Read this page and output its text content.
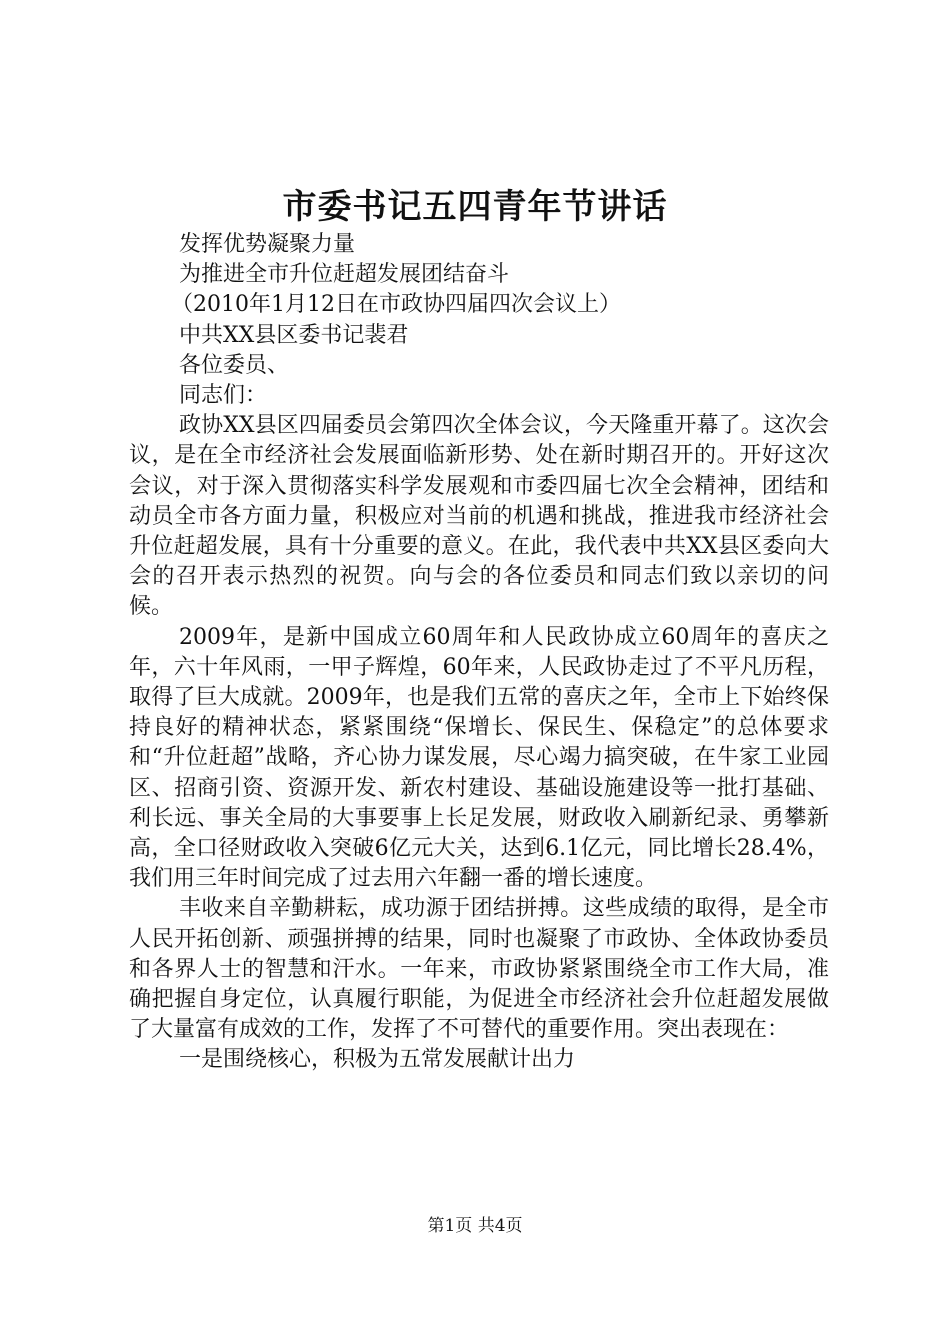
市委书记五四青年节讲话
发挥优势凝聚力量
为推进全市升位赶超发展团结奋斗
（2010年1月12日在市政协四届四次会议上）
中共XX县区委书记裴君
各位委员、
同志们：

政协XX县区四届委员会第四次全体会议，今天隆重开幕了。这次会议，是在全市经济社会发展面临新形势、处在新时期召开的。开好这次会议，对于深入贯彻落实科学发展观和市委四届七次全会精神，团结和动员全市各方面力量，积极应对当前的机遇和挑战，推进我市经济社会升位赶超发展，具有十分重要的意义。在此，我代表中共XX县区委向大会的召开表示热烈的祝贺。向与会的各位委员和同志们致以亲切的问候。

2009年，是新中国成立60周年和人民政协成立60周年的喜庆之年，六十年风雨，一甲子辉煌，60年来，人民政协走过了不平凡历程，取得了巨大成就。2009年，也是我们五常的喜庆之年，全市上下始终保持良好的精神状态，紧紧围绕“保增长、保民生、保稳定”的总体要求和“升位赶超”战略，齐心协力谋发展，尽心竭力搞突破，在牛家工业园区、招商引资、资源开发、新农村建设、基础设施建设等一批打基础、利长远、事关全局的大事要事上长足发展，财政收入刷新纪录、勇攀新高，全口径财政收入突破6亿元大关，达到6.1亿元，同比增长28.4%，我们用三年时间完成了过去用六年翻一番的增长速度。

丰收来自辛勤耕耘，成功源于团结拼搏。这些成绩的取得，是全市人民开拓创新、顽强拼搏的结果，同时也凝聚了市政协、全体政协委员和各界人士的智慧和汗水。一年来，市政协紧紧围绕全市工作大局，准确把握自身定位，认真履行职能，为促进全市经济社会升位赶超发展做了大量富有成效的工作，发挥了不可替代的重要作用。突出表现在：

一是围绕核心，积极为五常发展献计出力
第1页 共4页
